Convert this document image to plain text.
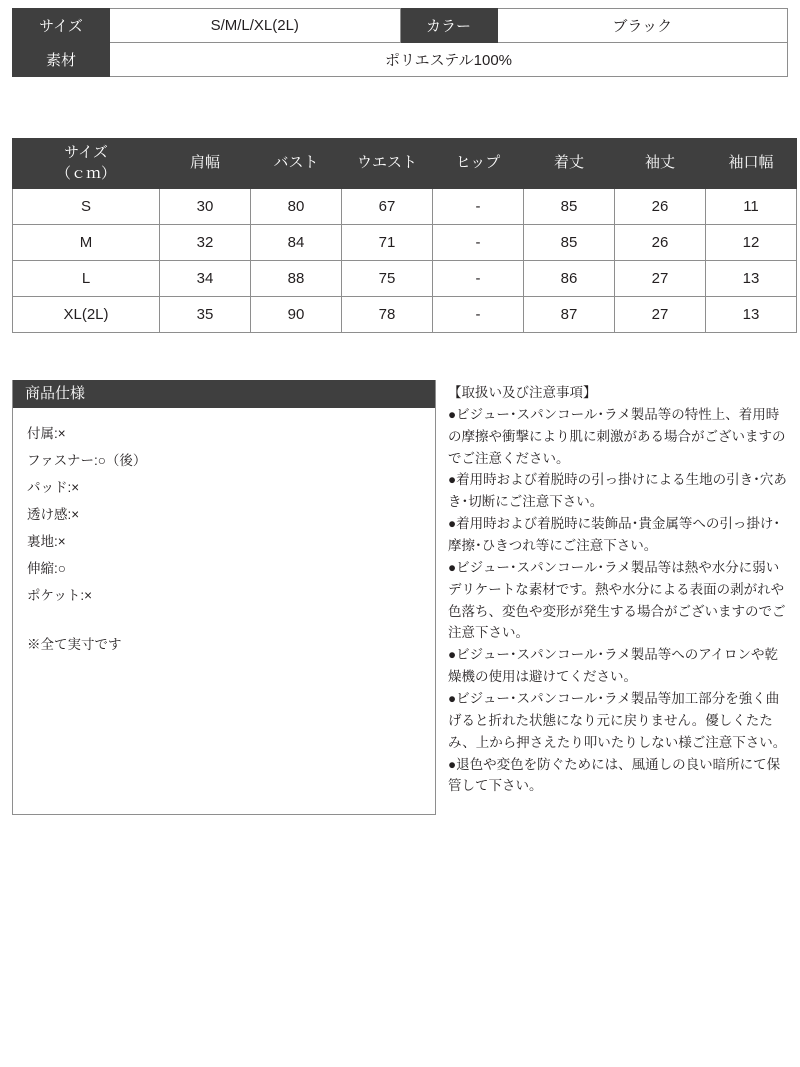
サイズ	S/M/L/XL(2L)	カラー	ブラック
素材	ポリエステル100%		
サイズ
（ｃｍ）	肩幅	バスト	ウエスト	ヒップ	着丈	袖丈	袖口幅
S	30	80	67	-	85	26	11
M	32	84	71	-	85	26	12
L	34	88	75	-	86	27	13
XL(2L)	35	90	78	-	87	27	13
商品仕様
付属:×
ファスナー:○（後）
パッド:×
透け感:×
裏地:×
伸縮:○
ポケット:×
※全て実寸です

【取扱い及び注意事項】

●ビジュー･スパンコール･ラメ製品等の特性上、着用時の摩擦や衝撃により肌に刺激がある場合がございますのでご注意ください。

●着用時および着脱時の引っ掛けによる生地の引き･穴あき･切断にご注意下さい。

●着用時および着脱時に装飾品･貴金属等への引っ掛け･摩擦･ひきつれ等にご注意下さい。

●ビジュー･スパンコール･ラメ製品等は熱や水分に弱いデリケートな素材です。熱や水分による表面の剥がれや色落ち、変色や変形が発生する場合がございますのでご注意下さい。

●ビジュー･スパンコール･ラメ製品等へのアイロンや乾燥機の使用は避けてください。

●ビジュー･スパンコール･ラメ製品等加工部分を強く曲げると折れた状態になり元に戻りません。優しくたたみ、上から押さえたり叩いたりしない様ご注意下さい。

●退色や変色を防ぐためには、風通しの良い暗所にて保管して下さい。
